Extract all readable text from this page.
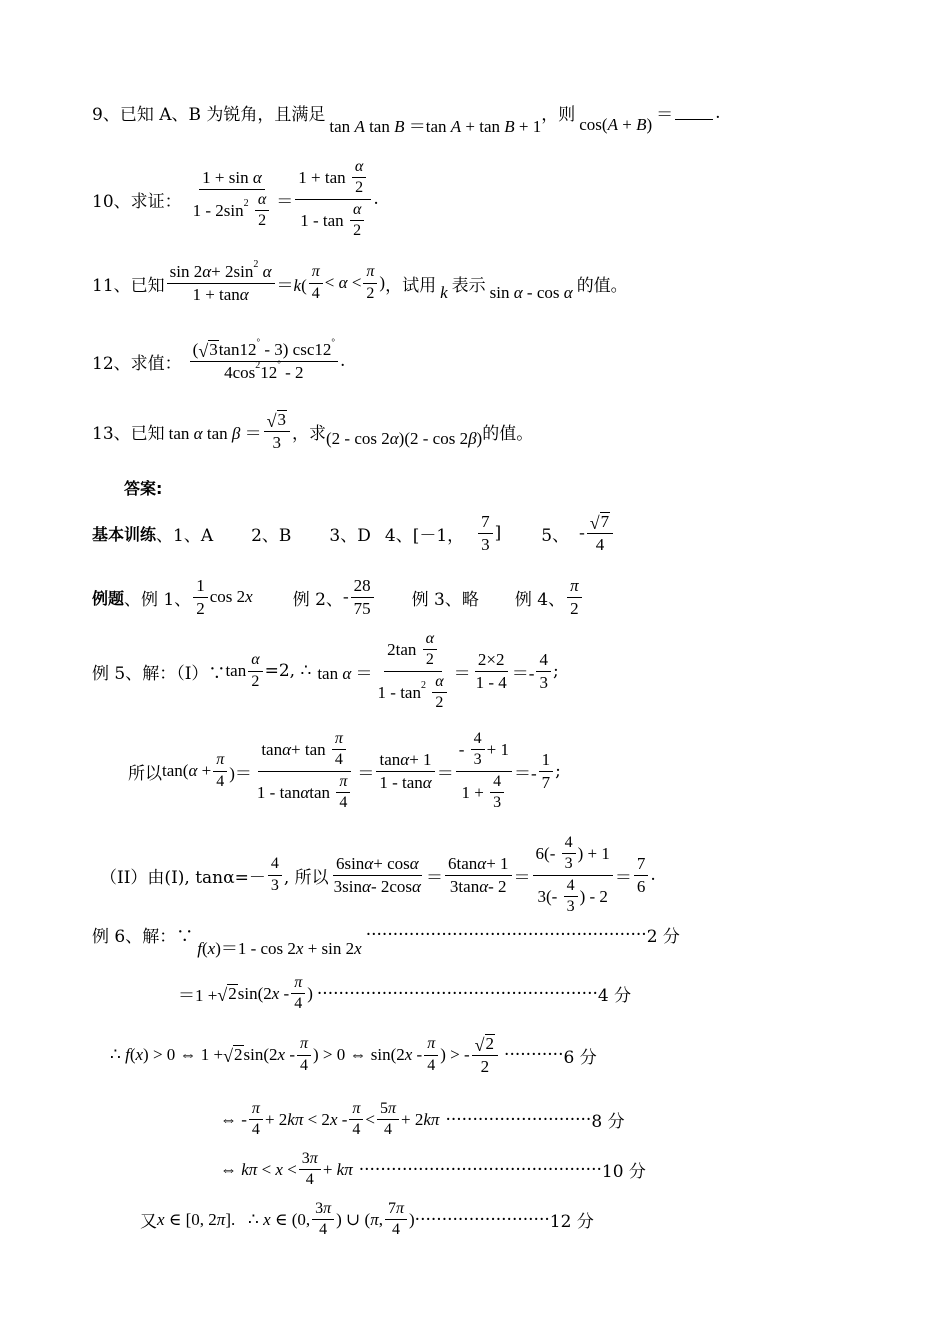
9、 已知 A、B 为锐角，且满足
tan A tan B ＝tan A + tan B + 1
，则 cos(A + B) ＝ .
10、 求证： 1 + sin α
1 - 2sin 2
$\frac{\alpha}{2} = \frac{1 + \tan \frac{\alpha}{2}}{1 - \tan \frac{\alpha}{2}}$ .
11、 已知 sin 2 α + 2sin 2
α
$1 + \tan \alpha =k( \frac{\pi}{4} < \alpha < \frac{\pi}{2}$ ) ，试用 k 表示 sin α - cos α 的值。
12、 求值： $\frac{( √ 3 \tan 12 ^\circ - 3) \csc 12 ^\circ}{4\cos 2 12 ^\circ - 2}$ .
13、 已知 tan α $\tan \beta = \frac{√ 3}{3}$ ，求 (2 - cos 2α)(2 - cos 2β) 的值。
答案:
基本训练 、1、A 2、B 3、D 4、[－1， $\frac{7}{3}$ ] 5、 - $\frac{√ 7}{4}$
例题 、例 1、 $\frac{1}{2}$ cos 2x 例 2、 - $\frac{28}{75}$ 例 3、略 例 4、 $\frac{\pi}{2}$
例 5、解：（I）∵ $\tan \frac{\alpha}{2} =2$, ∴ $\tan \alpha = 2\tan \frac{\alpha}{2}$
1 - tan 2
$\frac{\alpha}{2} = \frac{2\times 2}{1 - 4} =- \frac{4}{3}$ ;
所以 $\tan(\alpha + \frac{\pi}{4}$ )＝ $\frac{\tan \alpha + \tan \frac{\pi}{4}}{1 - \tan \alpha \tan \frac{\pi}{4}} = \frac{\text{tan α + 1}}{\text{1 - tan α}} = \frac{- \frac{4}{3} + 1}{1 + \frac{4}{3}} =- \frac{1}{7}$ ;
（II）由(I), $\tan\alpha=- \frac{4}{3}$ , 所以 $\frac{\text{6sin α + cos α}}{\text{3sin α - 2cos α}} = \frac{\text{6tan α + 1}}{\text{3tan α - 2}} = \frac{6(- \frac{4}{3} ) + 1}{3(- \frac{4}{3} ) - 2} = \frac{7}{6}$ .
例 6、解：∵
f(x)＝1 - cos 2x + sin 2x
···················································· 2 分
＝1 + √ 2 $\sin(2x - \frac{\pi}{4}$ ) ···················································· 4 分
∴ f(x) > 0 ⇔ 1 + √ 2 $\sin(2x - \frac{\pi}{4}$ ) > 0 ⇔ $\sin(2x - \frac{\pi}{4}$ ) > - $\frac{√ 2}{2}$ ··········· 6 分
⇔ - $\frac{\pi}{4} + 2k\pi < 2x - \frac{\pi}{4} < \frac{5 \pi}{4} + 2k\pi$ ··························· 8 分
⇔ $k\pi < x < \frac{3 \pi}{4} + k\pi$ ············································· 10 分
又 x ∈ [0, 2π].   ∴ x ∈ (0, $\frac{3 \pi}{4}$ ) ∪ (π, $\frac{7 \pi}{4}$ ) ························· 12 分
